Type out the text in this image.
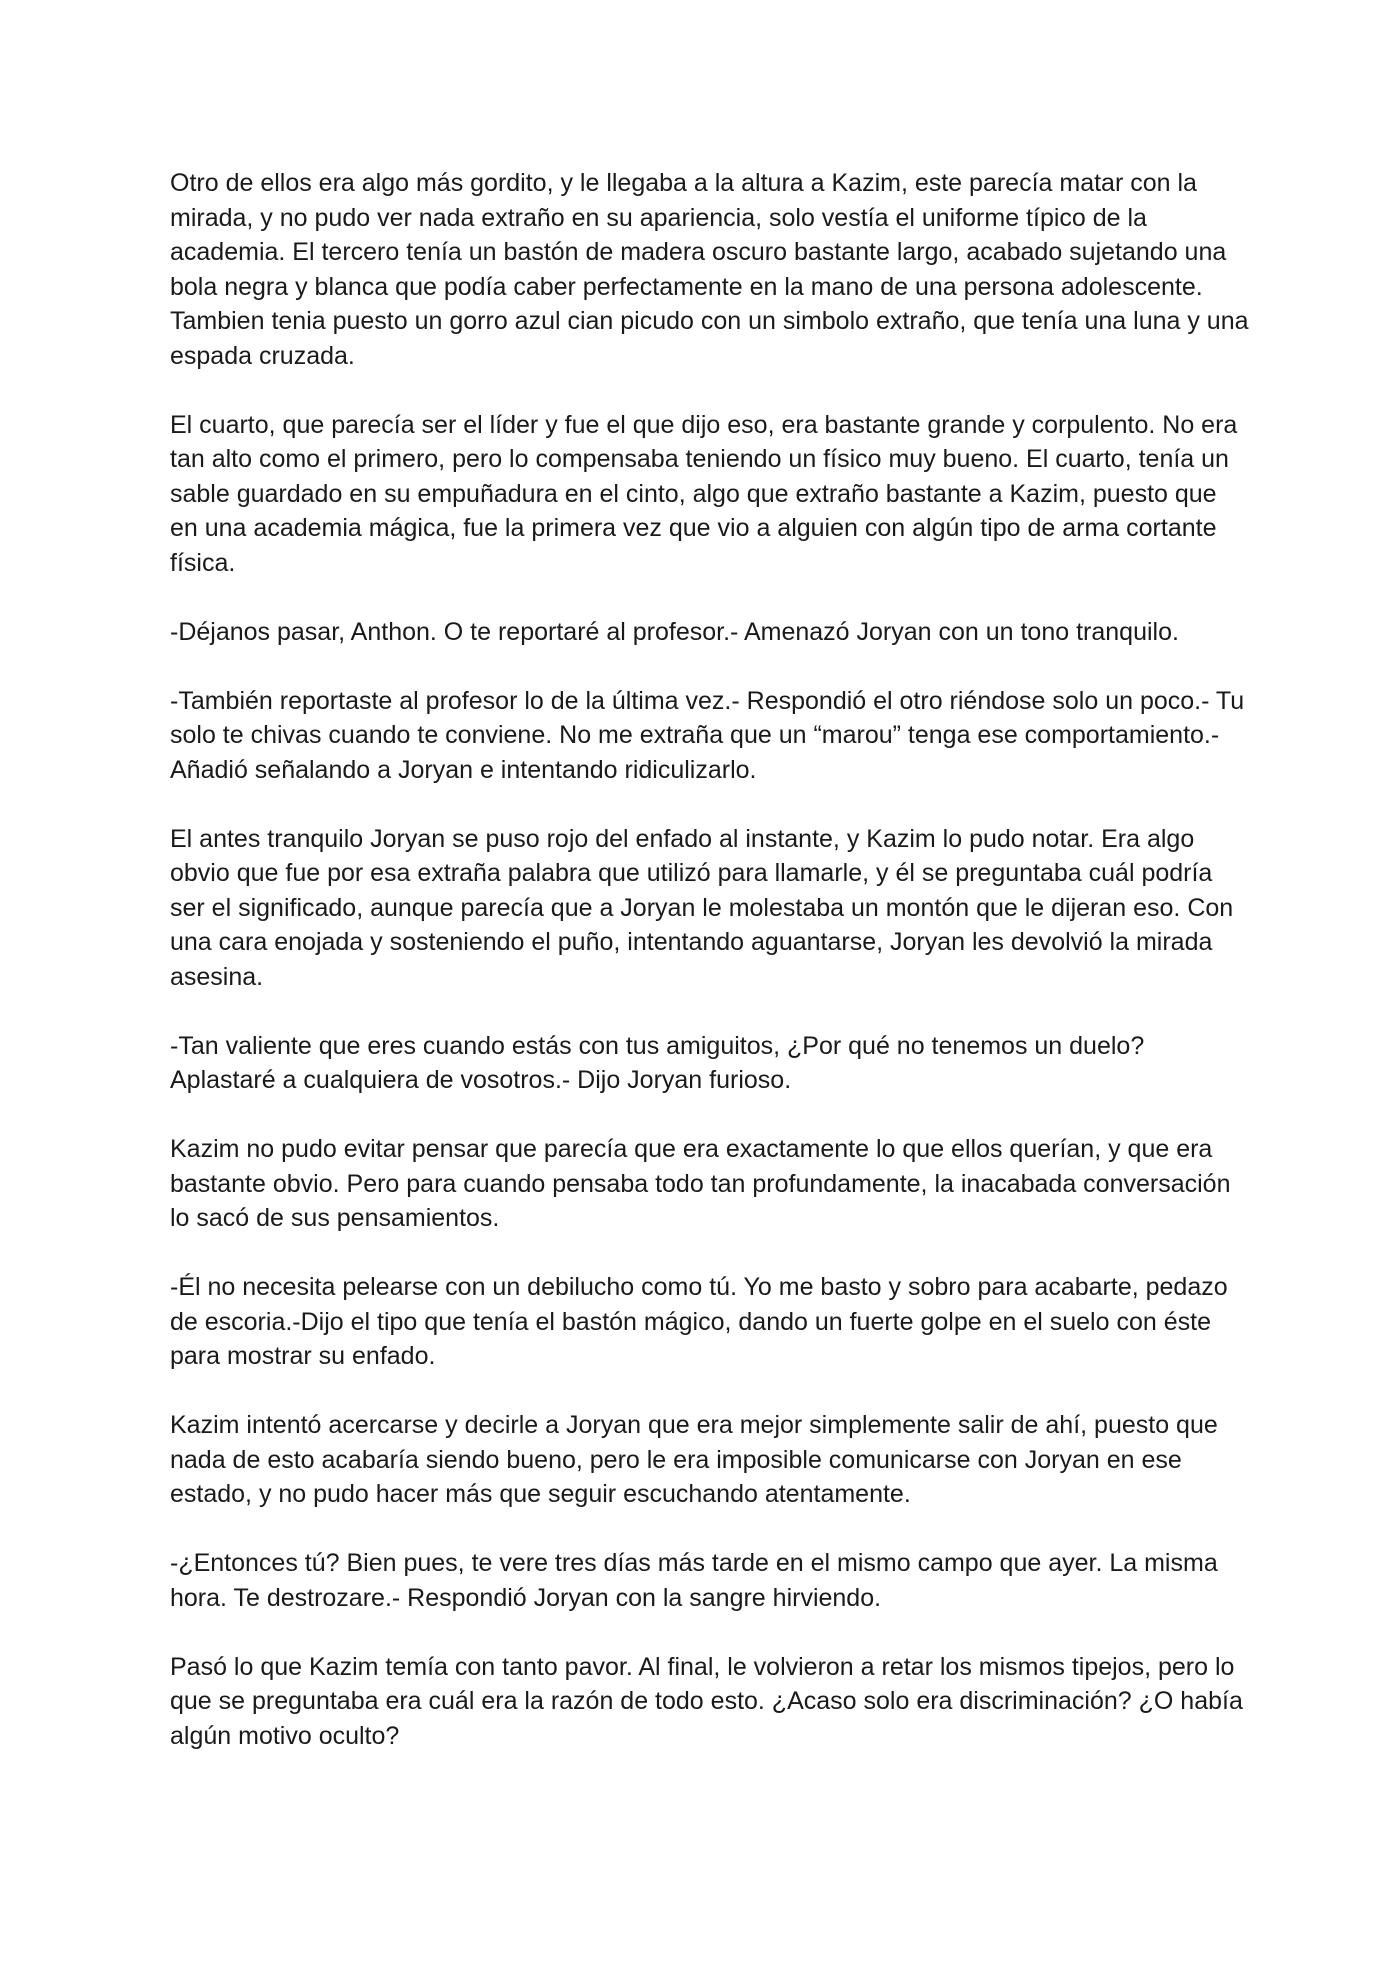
Otro de ellos era algo más gordito, y le llegaba a la altura a Kazim, este parecía matar con la mirada, y no pudo ver nada extraño en su apariencia, solo vestía el uniforme típico de la academia. El tercero tenía un bastón de madera oscuro bastante largo, acabado sujetando una bola negra y blanca que podía caber perfectamente en la mano de una persona adolescente. Tambien tenia puesto un gorro azul cian picudo con un simbolo extraño, que tenía una luna y una espada cruzada.

El cuarto, que parecía ser el líder y fue el que dijo eso, era bastante grande y corpulento. No era tan alto como el primero, pero lo compensaba teniendo un físico muy bueno. El cuarto, tenía un sable guardado en su empuñadura en el cinto, algo que extraño bastante a Kazim, puesto que en una academia mágica, fue la primera vez que vio a alguien con algún tipo de arma cortante física.

-Déjanos pasar, Anthon. O te reportaré al profesor.- Amenazó Joryan con un tono tranquilo.

-También reportaste al profesor lo de la última vez.- Respondió el otro riéndose solo un poco.- Tu solo te chivas cuando te conviene. No me extraña que un “marou” tenga ese comportamiento.- Añadió señalando a Joryan e intentando ridiculizarlo.

El antes tranquilo Joryan se puso rojo del enfado al instante, y Kazim lo pudo notar. Era algo obvio que fue por esa extraña palabra que utilizó para llamarle, y él se preguntaba cuál podría ser el significado, aunque parecía que a Joryan le molestaba un montón que le dijeran eso. Con una cara enojada y sosteniendo el puño, intentando aguantarse, Joryan les devolvió la mirada asesina.

-Tan valiente que eres cuando estás con tus amiguitos, ¿Por qué no tenemos un duelo? Aplastaré a cualquiera de vosotros.- Dijo Joryan furioso.

Kazim no pudo evitar pensar que parecía que era exactamente lo que ellos querían, y que era bastante obvio. Pero para cuando pensaba todo tan profundamente, la inacabada conversación lo sacó de sus pensamientos.

-Él no necesita pelearse con un debilucho como tú. Yo me basto y sobro para acabarte, pedazo de escoria.-Dijo el tipo que tenía el bastón mágico, dando un fuerte golpe en el suelo con éste para mostrar su enfado.

Kazim intentó acercarse y decirle a Joryan que era mejor simplemente salir de ahí, puesto que nada de esto acabaría siendo bueno, pero le era imposible comunicarse con Joryan en ese estado, y no pudo hacer más que seguir escuchando atentamente.

-¿Entonces tú? Bien pues, te vere tres días más tarde en el mismo campo que ayer. La misma hora. Te destrozare.- Respondió Joryan con la sangre hirviendo.

Pasó lo que Kazim temía con tanto pavor. Al final, le volvieron a retar los mismos tipejos, pero lo que se preguntaba era cuál era la razón de todo esto. ¿Acaso solo era discriminación? ¿O había algún motivo oculto?
